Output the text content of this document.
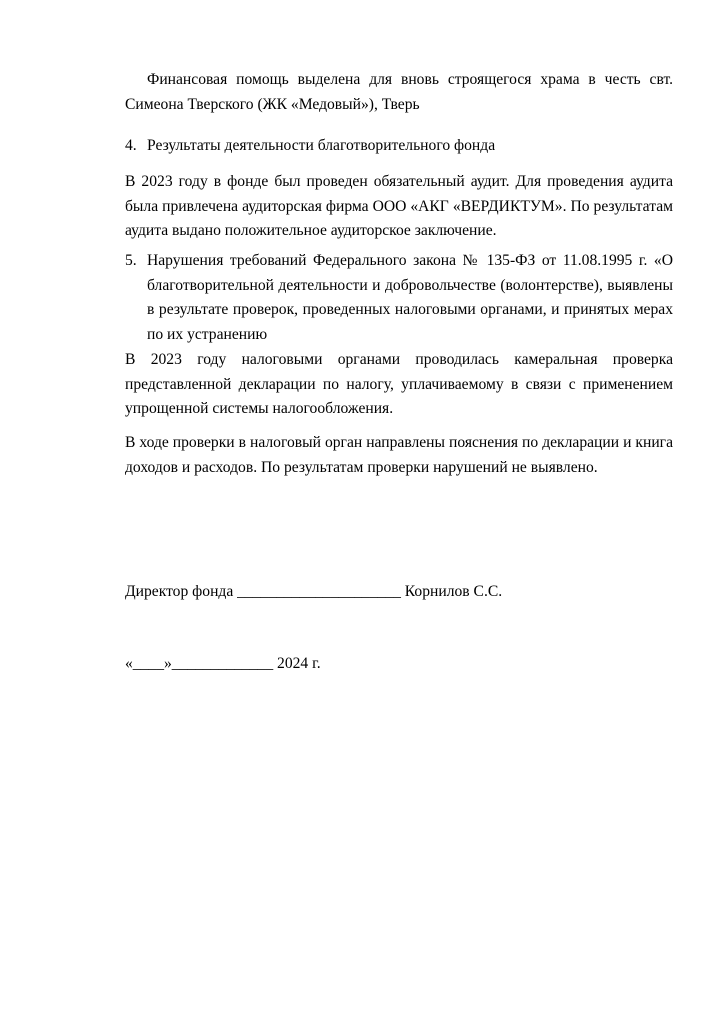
Финансовая помощь выделена для вновь строящегося храма в честь свт. Симеона Тверского (ЖК «Медовый»), Тверь
4. Результаты деятельности благотворительного фонда
В 2023 году в фонде был проведен обязательный аудит. Для проведения аудита была привлечена аудиторская фирма ООО «АКГ «ВЕРДИКТУМ». По результатам аудита выдано положительное аудиторское заключение.
5. Нарушения требований Федерального закона № 135-ФЗ от 11.08.1995 г. «О благотворительной деятельности и добровольчестве (волонтерстве), выявлены в результате проверок, проведенных налоговыми органами, и принятых мерах по их устранению
В 2023 году налоговыми органами проводилась камеральная проверка представленной декларации по налогу, уплачиваемому в связи с применением упрощенной системы налогообложения.
В ходе проверки в налоговый орган направлены пояснения по декларации и книга доходов и расходов. По результатам проверки нарушений не выявлено.
Директор фонда _____________________ Корнилов С.С.
«____»_____________ 2024 г.
